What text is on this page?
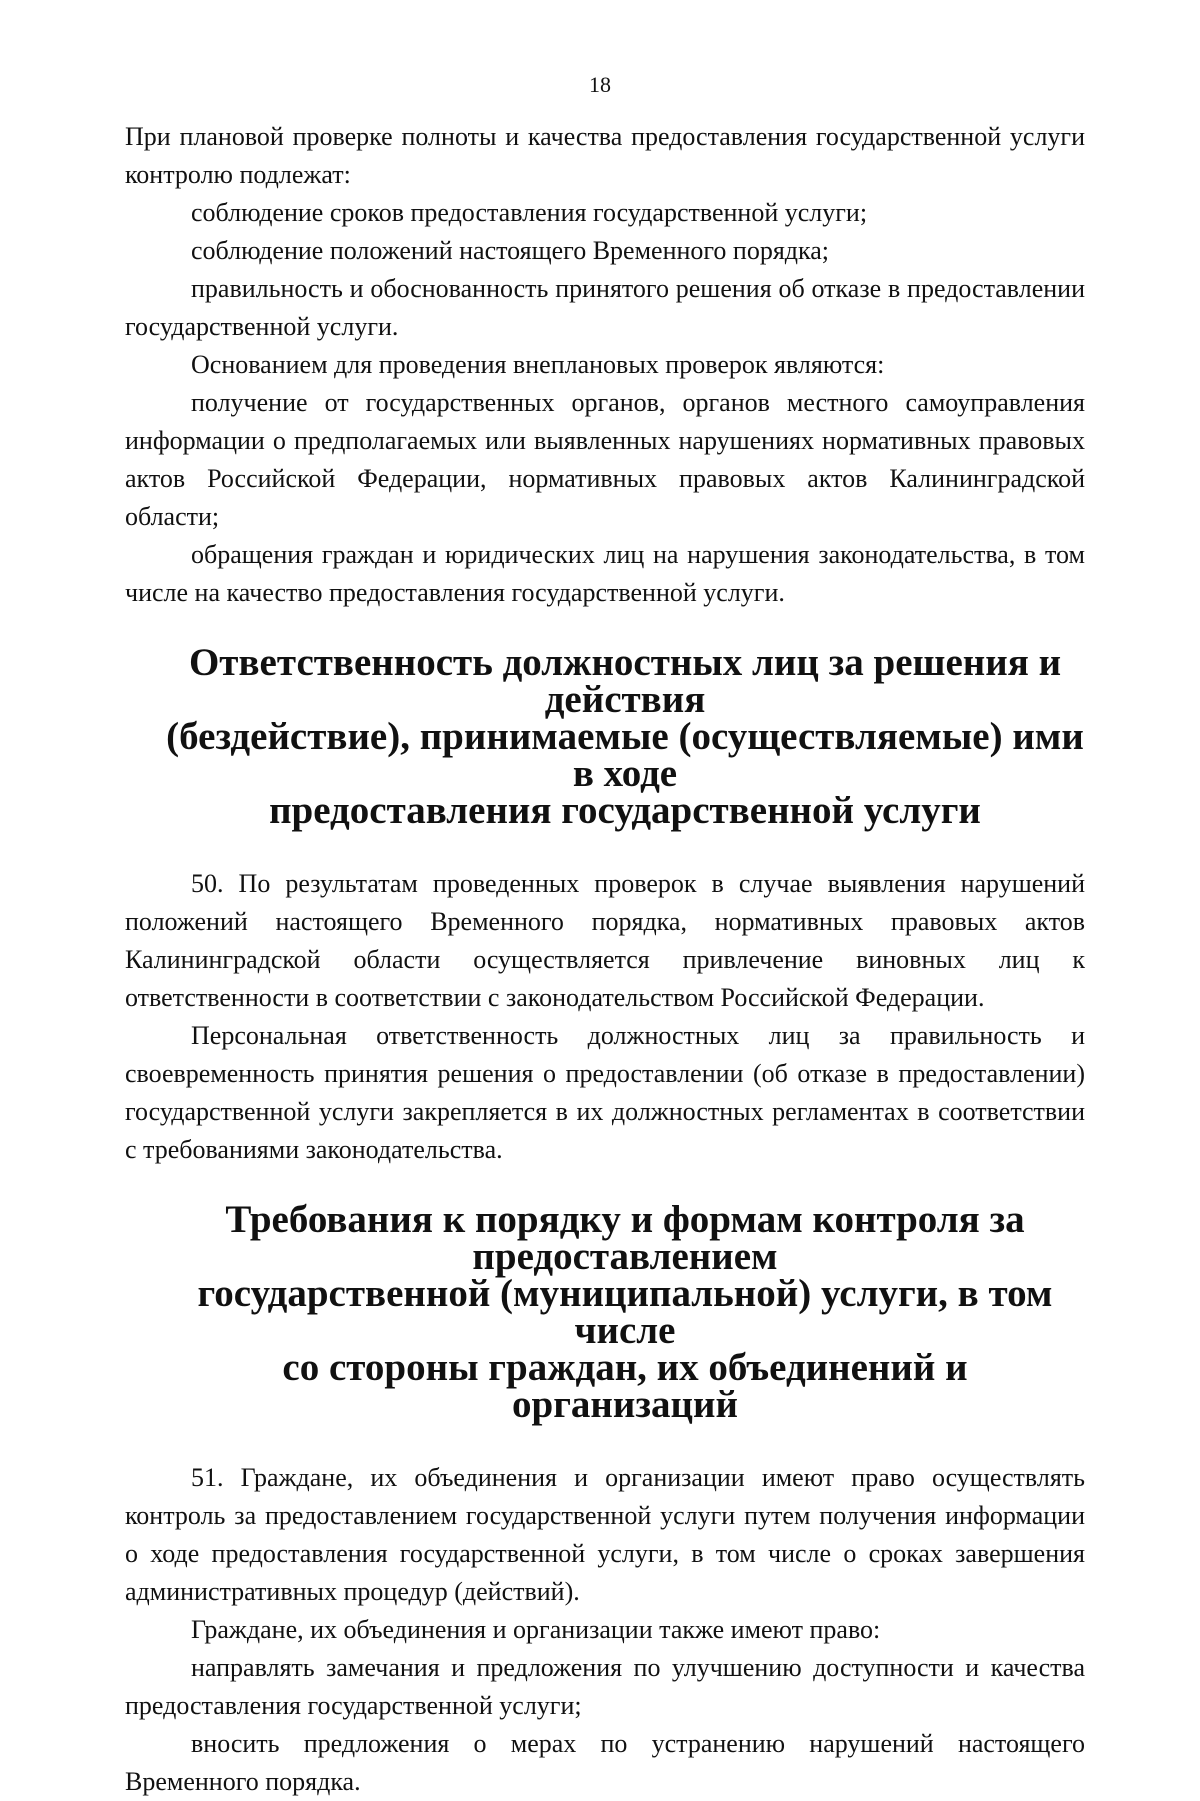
18

При плановой проверке полноты и качества предоставления государственной услуги контролю подлежат:

соблюдение сроков предоставления государственной услуги;

соблюдение положений настоящего Временного порядка;

правильность и обоснованность принятого решения об отказе в предоставлении государственной услуги.

Основанием для проведения внеплановых проверок являются:

получение от государственных органов, органов местного самоуправления информации о предполагаемых или выявленных нарушениях нормативных правовых актов Российской Федерации, нормативных правовых актов Калининградской области;

обращения граждан и юридических лиц на нарушения законодательства, в том числе на качество предоставления государственной услуги.

Ответственность должностных лиц за решения и действия
(бездействие), принимаемые (осуществляемые) ими в ходе
предоставления государственной услуги

50. По результатам проведенных проверок в случае выявления нарушений положений настоящего Временного порядка, нормативных правовых актов Калининградской области осуществляется привлечение виновных лиц к ответственности в соответствии с законодательством Российской Федерации.

Персональная ответственность должностных лиц за правильность и своевременность принятия решения о предоставлении (об отказе в предоставлении) государственной услуги закрепляется в их должностных регламентах в соответствии с требованиями законодательства.

Требования к порядку и формам контроля за предоставлением
государственной (муниципальной) услуги, в том числе
со стороны граждан, их объединений и организаций

51. Граждане, их объединения и организации имеют право осуществлять контроль за предоставлением государственной услуги путем получения информации о ходе предоставления государственной услуги, в том числе о сроках завершения административных процедур (действий).

Граждане, их объединения и организации также имеют право:

направлять замечания и предложения по улучшению доступности и качества предоставления государственной услуги;

вносить предложения о мерах по устранению нарушений настоящего Временного порядка.
